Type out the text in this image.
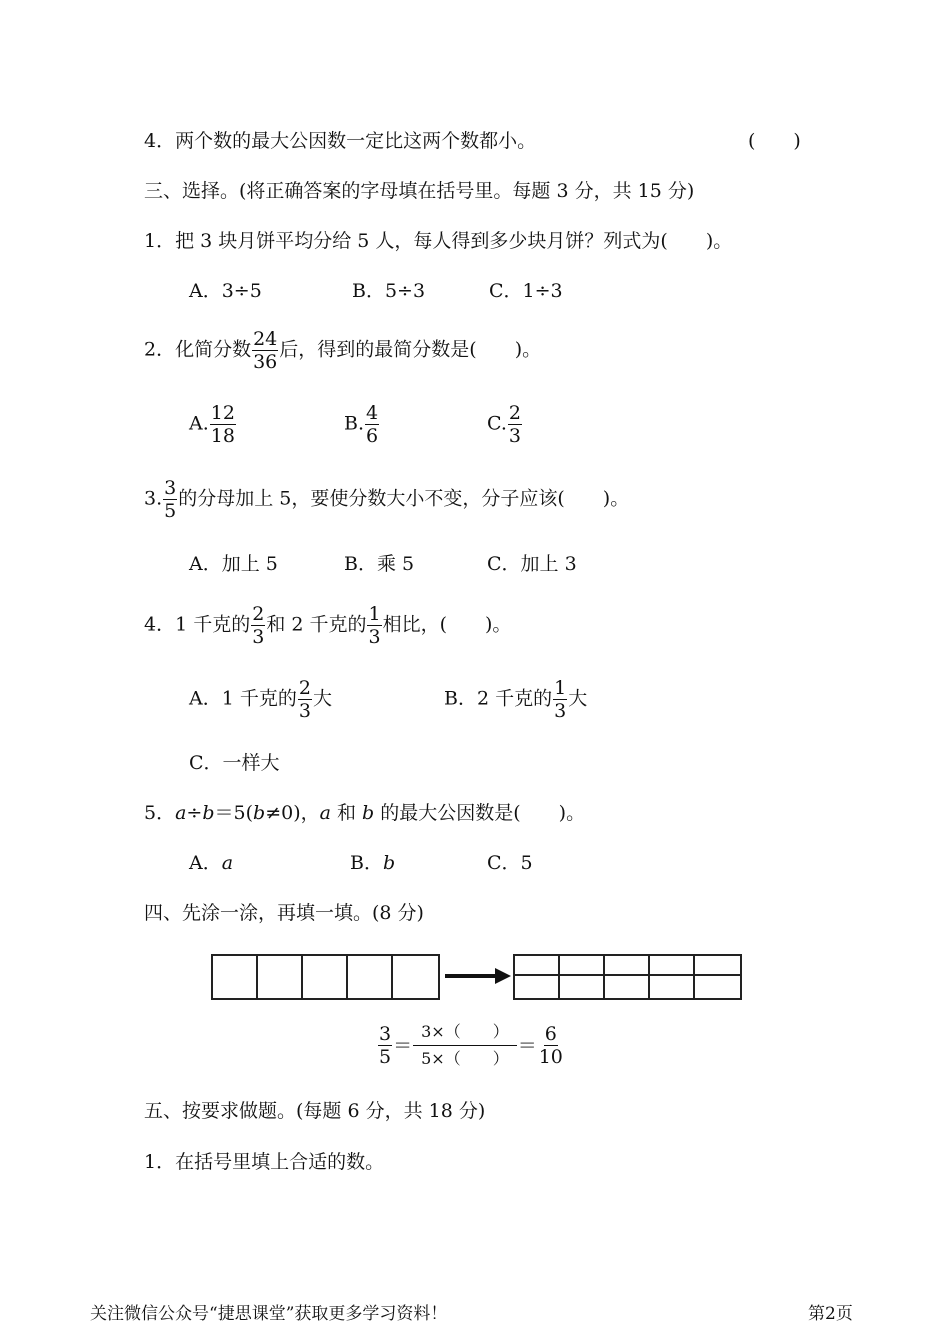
4．两个数的最大公因数一定比这两个数都小。	(　　)
三、选择。(将正确答案的字母填在括号里。每题 3 分，共 15 分)
1．把 3 块月饼平均分给 5 人，每人得到多少块月饼？列式为(　　)。
A．3÷5	B．5÷3	C．1÷3
2．化简分数 $\frac{24}{36}$ 后，得到的最简分数是(　　)。
A. $\frac{12}{18}$	B. $\frac{4}{6}$	C. $\frac{2}{3}$
3. $\frac{3}{5}$ 的分母加上 5，要使分数大小不变，分子应该(　　)。
A．加上 5	B．乘 5	C．加上 3
4．1 千克的 $\frac{2}{3}$ 和 2 千克的 $\frac{1}{3}$ 相比，(　　)。
A．1 千克的 $\frac{2}{3}$ 大	B．2 千克的 $\frac{1}{3}$ 大
C．一样大
5．a÷b＝5(b≠0)，a 和 b 的最大公因数是(　　)。
A．a	B．b	C．5
四、先涂一涂，再填一填。(8 分)
$\frac{3}{5} = \frac{3\times( )}{5\times( )} = \frac{6}{10}$
五、按要求做题。(每题 6 分，共 18 分)
1．在括号里填上合适的数。
关注微信公众号“捷思课堂”获取更多学习资料！	第2页
